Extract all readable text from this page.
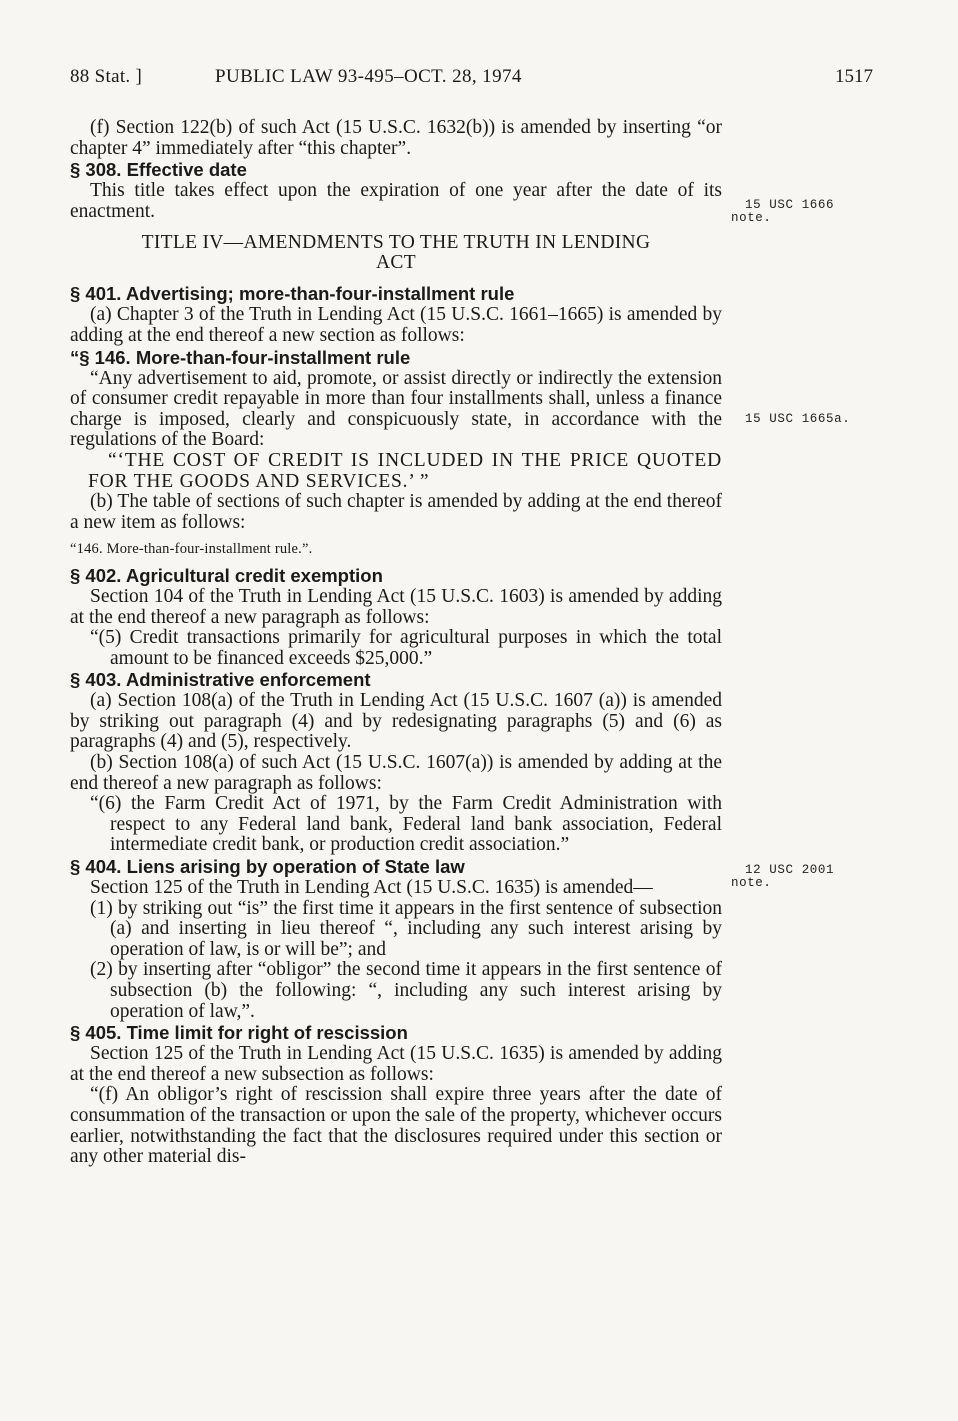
88 Stat. ]	PUBLIC LAW 93-495–OCT. 28, 1974	1517

(f) Section 122(b) of such Act (15 U.S.C. 1632(b)) is amended by inserting “or chapter 4” immediately after “this chapter”.

§ 308. Effective date

This title takes effect upon the expiration of one year after the date of its enactment.

TITLE IV—AMENDMENTS TO THE TRUTH IN LENDING
ACT

§ 401. Advertising; more-than-four-installment rule

(a) Chapter 3 of the Truth in Lending Act (15 U.S.C. 1661–1665) is amended by adding at the end thereof a new section as follows:

“§ 146. More-than-four-installment rule

“Any advertisement to aid, promote, or assist directly or indirectly the extension of consumer credit repayable in more than four installments shall, unless a finance charge is imposed, clearly and conspicuously state, in accordance with the regulations of the Board:

“‘THE COST OF CREDIT IS INCLUDED IN THE PRICE QUOTED FOR THE GOODS AND SERVICES.’ ”

(b) The table of sections of such chapter is amended by adding at the end thereof a new item as follows:

“146. More-than-four-installment rule.”.

§ 402. Agricultural credit exemption

Section 104 of the Truth in Lending Act (15 U.S.C. 1603) is amended by adding at the end thereof a new paragraph as follows:

“(5) Credit transactions primarily for agricultural purposes in which the total amount to be financed exceeds $25,000.”

§ 403. Administrative enforcement

(a) Section 108(a) of the Truth in Lending Act (15 U.S.C. 1607 (a)) is amended by striking out paragraph (4) and by redesignating paragraphs (5) and (6) as paragraphs (4) and (5), respectively.

(b) Section 108(a) of such Act (15 U.S.C. 1607(a)) is amended by adding at the end thereof a new paragraph as follows:

“(6) the Farm Credit Act of 1971, by the Farm Credit Administration with respect to any Federal land bank, Federal land bank association, Federal intermediate credit bank, or production credit association.”

§ 404. Liens arising by operation of State law

Section 125 of the Truth in Lending Act (15 U.S.C. 1635) is amended—

(1) by striking out “is” the first time it appears in the first sentence of subsection (a) and inserting in lieu thereof “, including any such interest arising by operation of law, is or will be”; and

(2) by inserting after “obligor” the second time it appears in the first sentence of subsection (b) the following: “, including any such interest arising by operation of law,”.

§ 405. Time limit for right of rescission

Section 125 of the Truth in Lending Act (15 U.S.C. 1635) is amended by adding at the end thereof a new subsection as follows:

“(f) An obligor’s right of rescission shall expire three years after the date of consummation of the transaction or upon the sale of the property, whichever occurs earlier, notwithstanding the fact that the disclosures required under this section or any other material dis-

15 USC 1666
note.
15 USC 1665a.
12 USC 2001
note.
